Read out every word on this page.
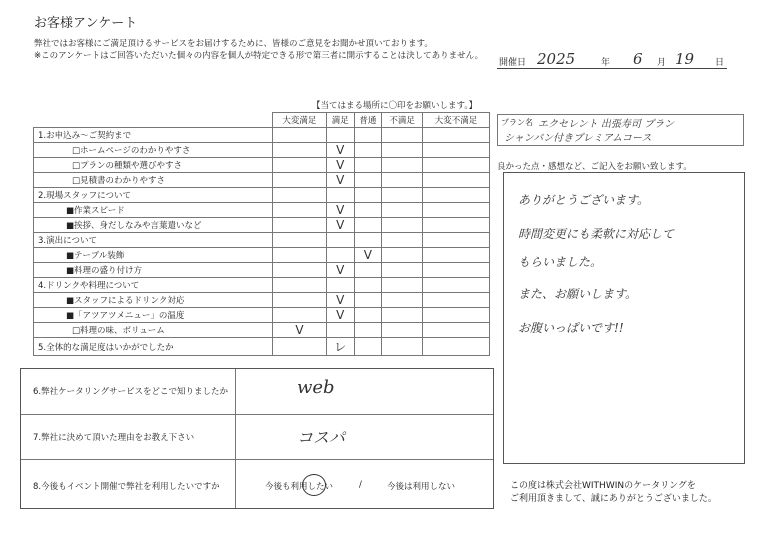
お客様アンケート
弊社ではお客様にご満足頂けるサービスをお届けするために、皆様のご意見をお聞かせ頂いております。
※このアンケートはご回答いただいた個々の内容を個人が特定できる形で第三者に開示することは決してありません。
開催日 2025	年 6 月 19 日
【当てはまる場所に〇印をお願いします。】
	大変満足	満足	普通	不満足	大変不満足
1.お申込み～ご契約まで					
□ホームページのわかりやすさ		V			
□プランの種類や選びやすさ		V			
□見積書のわかりやすさ		V			
2.現場スタッフについて					
■作業スピード		V			
■挨拶、身だしなみや言葉遣いなど		V			
3.演出について					
■テーブル装飾			V		
■料理の盛り付け方		V			
4.ドリンクや料理について					
■スタッフによるドリンク対応		V			
■「アツアツメニュー」の温度		V			
□料理の味、ボリューム	V				
5.全体的な満足度はいかがでしたか		レ			
プラン名 エクセレント 出張寿司 プラン
シャンパン付きプレミアムコース
良かった点・感想など、ご記入をお願い致します。
ありがとうございます。
時間変更にも柔軟に対応して
もらいました。
また、お願いします。
お腹いっぱいです!!
6.弊社ケータリングサービスをどこで知りましたか	web
7.弊社に決めて頂いた理由をお教え下さい	コスパ
8.今後もイベント開催で弊社を利用したいですか	今後も利用したい	/	今後は利用しない	この度は株式会社WITHWINのケータリングを
ご利用頂きまして、誠にありがとうございました。
